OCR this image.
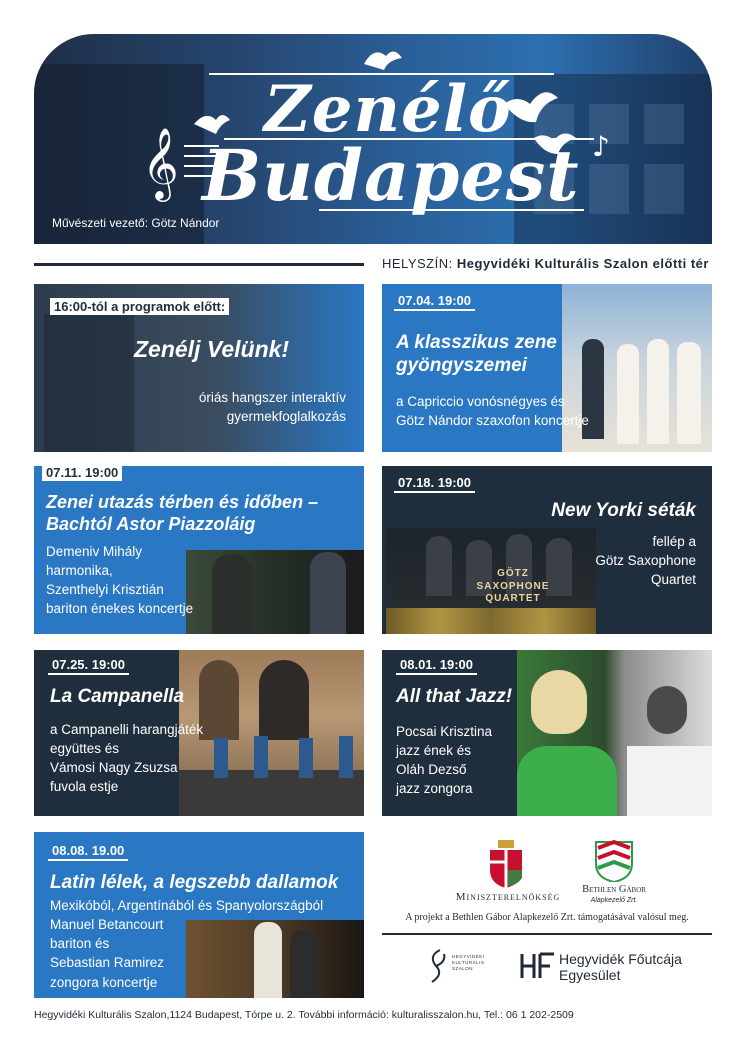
𝄞	♪
Zenélő
Budapest
Művészeti vezető: Götz Nándor
HELYSZÍN: Hegyvidéki Kulturális Szalon előtti tér
16:00-tól a programok előtt:
Zenélj Velünk!
óriás hangszer interaktív
gyermekfoglalkozás
07.04. 19:00
A klasszikus zene
gyöngyszemei
a Capriccio vonósnégyes és
Götz Nándor szaxofon koncertje
07.11. 19:00
Zenei utazás térben és időben –
Bachtól Astor Piazzoláig
Demeniv Mihály
harmonika,
Szenthelyi Krisztián
bariton énekes koncertje
GÖTZ
SAXOPHONE
QUARTET
07.18. 19:00
New Yorki séták
fellép a
Götz Saxophone
Quartet
07.25. 19:00
La Campanella
a Campanelli harangjáték
együttes és
Vámosi Nagy Zsuzsa
fuvola estje
08.01. 19:00
All that Jazz!
Pocsai Krisztina
jazz ének és
Oláh Dezső
jazz zongora
08.08. 19.00
Latin lélek, a legszebb dallamok
Mexikóból, Argentínából és Spanyolországból
Manuel Betancourt
bariton és
Sebastian Ramirez
zongora koncertje
Miniszterelnökség
Bethlen Gábor
Alapkezelő Zrt.
A projekt a Bethlen Gábor Alapkezelő Zrt. támogatásával valósul meg.
HEGYVIDÉKI
KULTURÁLIS
SZALON
Hegyvidék Főutcája
Egyesület
Hegyvidéki Kulturális Szalon,1124 Budapest, Tórpe u. 2. További információ: kulturalisszalon.hu, Tel.: 06 1 202-2509
